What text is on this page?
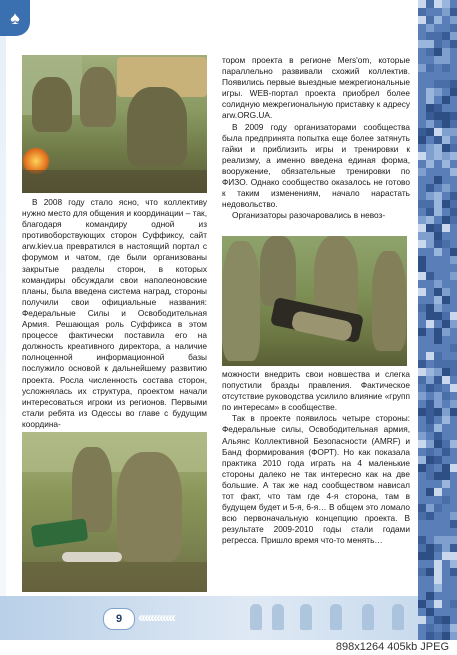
♠

В 2008 году стало ясно, что коллективу нужно место для общения и координации – так, благодаря командиру одной из противоборствующих сторон Суффиксу, сайт arw.kiev.ua превратился в настоящий портал с форумом и чатом, где были организованы закрытые разделы сторон, в которых командиры обсуждали свои наполеоновские планы, была введена система наград, стороны получили свои официальные названия: Федеральные Силы и Освободительная Армия. Решающая роль Суффикса в этом процессе фактически поставила его на должность креативного директора, а наличие полноценной информационной базы послужило основой к дальнейшему развитию проекта. Росла численность состава сторон, усложнялась их структура, проектом начали интересоваться игроки из регионов. Первыми стали ребята из Одессы во главе с будущим координа-

тором проекта в регионе Mers'om, которые параллельно развивали схожий коллектив. Появились первые выездные межрегиональные игры. WEB-портал проекта приобрел более солидную межрегиональную приставку к адресу arw.ORG.UA.

В 2009 году организаторами сообщества была предпринята попытка еще более затянуть гайки и приблизить игры и тренировки к реализму, а именно введена единая форма, вооружение, обязательные тренировки по ФИЗО. Однако сообщество оказалось не готово к таким изменениям, начало нарастать недовольство.

Организаторы разочаровались в невоз-

можности внедрить свои новшества и слегка попустили бразды правления. Фактическое отсутствие руководства усилило влияние «групп по интересам» в сообществе.

Так в проекте появилось четыре стороны: Федеральные силы, Освободительная армия, Альянс Коллективной Безопасности (AMRF) и Банд формирования (ФОРТ). Но как показала практика 2010 года играть на 4 маленькие стороны далеко не так интересно как на две большие. А так же над сообществом нависал тот факт, что там где 4-я сторона, там в будущем будет и 5-я, 6-я… В общем это ломало всю первоначальную концепцию проекта. В результате 2009-2010 годы стали годами регресса. Пришло время что-то менять…

9	‹‹‹‹‹‹‹‹‹‹‹‹
898x1264 405kb JPEG
